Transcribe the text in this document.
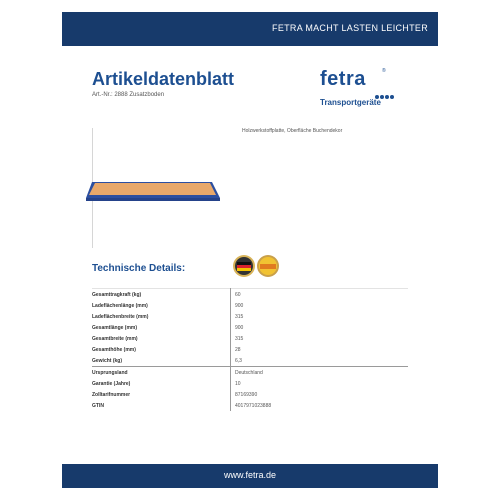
FETRA MACHT LASTEN LEICHTER
Artikeldatenblatt
Art.-Nr.: 2888 Zusatzboden
fetra	®
Transportgeräte
Holzwerkstoffplatte, Oberfläche Buchendekor
Technische Details:
Gesamttragkraft (kg)	60
Ladeflächenlänge (mm)	900
Ladeflächenbreite (mm)	315
Gesamtlänge (mm)	900
Gesamtbreite (mm)	315
Gesamthöhe (mm)	28
Gewicht (kg)	6,3
Ursprungsland	Deutschland
Garantie (Jahre)	10
Zolltarifnummer	87169390
GTIN	4017971023888
www.fetra.de
